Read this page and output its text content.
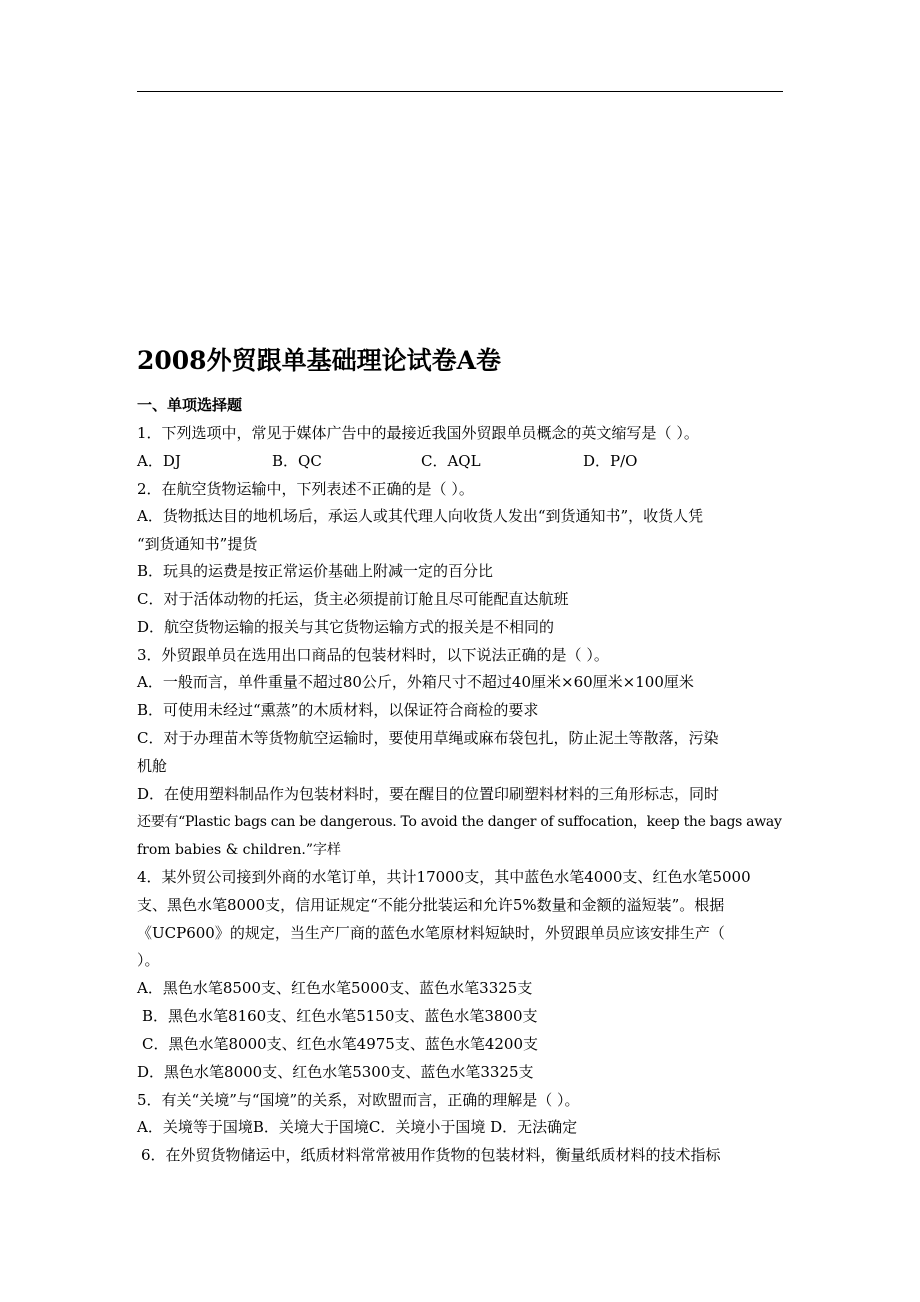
2008外贸跟单基础理论试卷A卷
一、单项选择题
1．下列选项中，常见于媒体广告中的最接近我国外贸跟单员概念的英文缩写是（ ）。
A．DJ	B．QC	C．AQL	D．P/O
2．在航空货物运输中，下列表述不正确的是（ ）。
A．货物抵达目的地机场后，承运人或其代理人向收货人发出“到货通知书”，收货人凭
“到货通知书”提货
B．玩具的运费是按正常运价基础上附减一定的百分比
C．对于活体动物的托运，货主必须提前订舱且尽可能配直达航班
D．航空货物运输的报关与其它货物运输方式的报关是不相同的
3．外贸跟单员在选用出口商品的包装材料时，以下说法正确的是（ ）。
A．一般而言，单件重量不超过80公斤，外箱尺寸不超过40厘米×60厘米×100厘米
B．可使用未经过“熏蒸”的木质材料，以保证符合商检的要求
C．对于办理苗木等货物航空运输时，要使用草绳或麻布袋包扎，防止泥土等散落，污染
机舱
D．在使用塑料制品作为包装材料时，要在醒目的位置印刷塑料材料的三角形标志，同时
还要有“Plastic bags can be dangerous. To avoid the danger of suffocation，keep the bags away
from babies & children.”字样
4．某外贸公司接到外商的水笔订单，共计17000支，其中蓝色水笔4000支、红色水笔5000
支、黑色水笔8000支，信用证规定“不能分批装运和允许5%数量和金额的溢短装”。根据
《UCP600》的规定，当生产厂商的蓝色水笔原材料短缺时，外贸跟单员应该安排生产（
）。
A．黑色水笔8500支、红色水笔5000支、蓝色水笔3325支
B．黑色水笔8160支、红色水笔5150支、蓝色水笔3800支
C．黑色水笔8000支、红色水笔4975支、蓝色水笔4200支
D．黑色水笔8000支、红色水笔5300支、蓝色水笔3325支
5．有关“关境”与“国境”的关系，对欧盟而言，正确的理解是（ ）。
A．关境等于国境B．关境大于国境C．关境小于国境 D．无法确定
6．在外贸货物储运中，纸质材料常常被用作货物的包装材料，衡量纸质材料的技术指标
